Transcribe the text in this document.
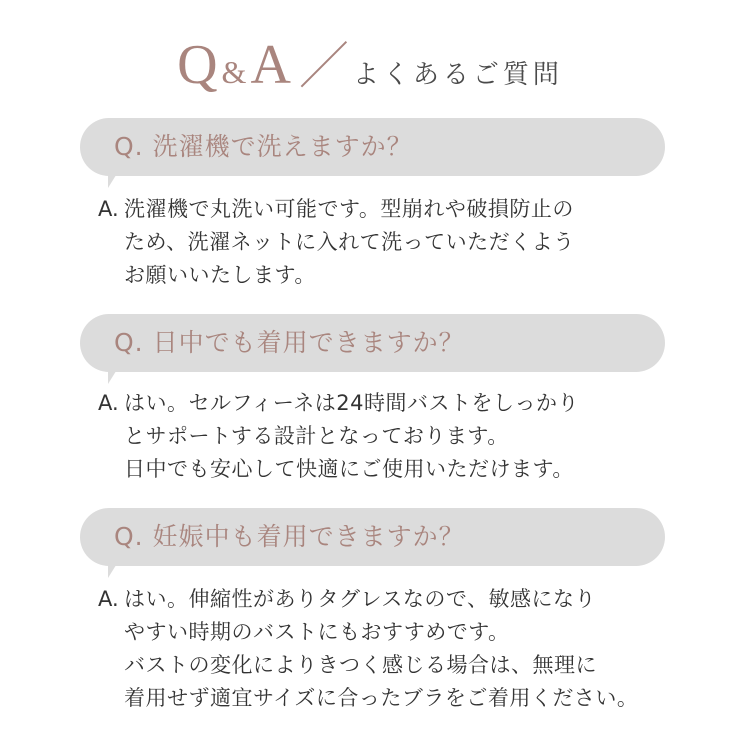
Q &A ／ よくあるご質問
Q. 洗濯機で洗えますか？
A. 洗濯機で丸洗い可能です。型崩れや破損防止の
ため、洗濯ネットに入れて洗っていただくよう
お願いいたします。
Q. 日中でも着用できますか？
A. はい。セルフィーネは24時間バストをしっかり
とサポートする設計となっております。
日中でも安心して快適にご使用いただけます。
Q. 妊娠中も着用できますか？
A. はい。伸縮性がありタグレスなので、敏感になり
やすい時期のバストにもおすすめです。
バストの変化によりきつく感じる場合は、無理に
着用せず適宜サイズに合ったブラをご着用ください。
